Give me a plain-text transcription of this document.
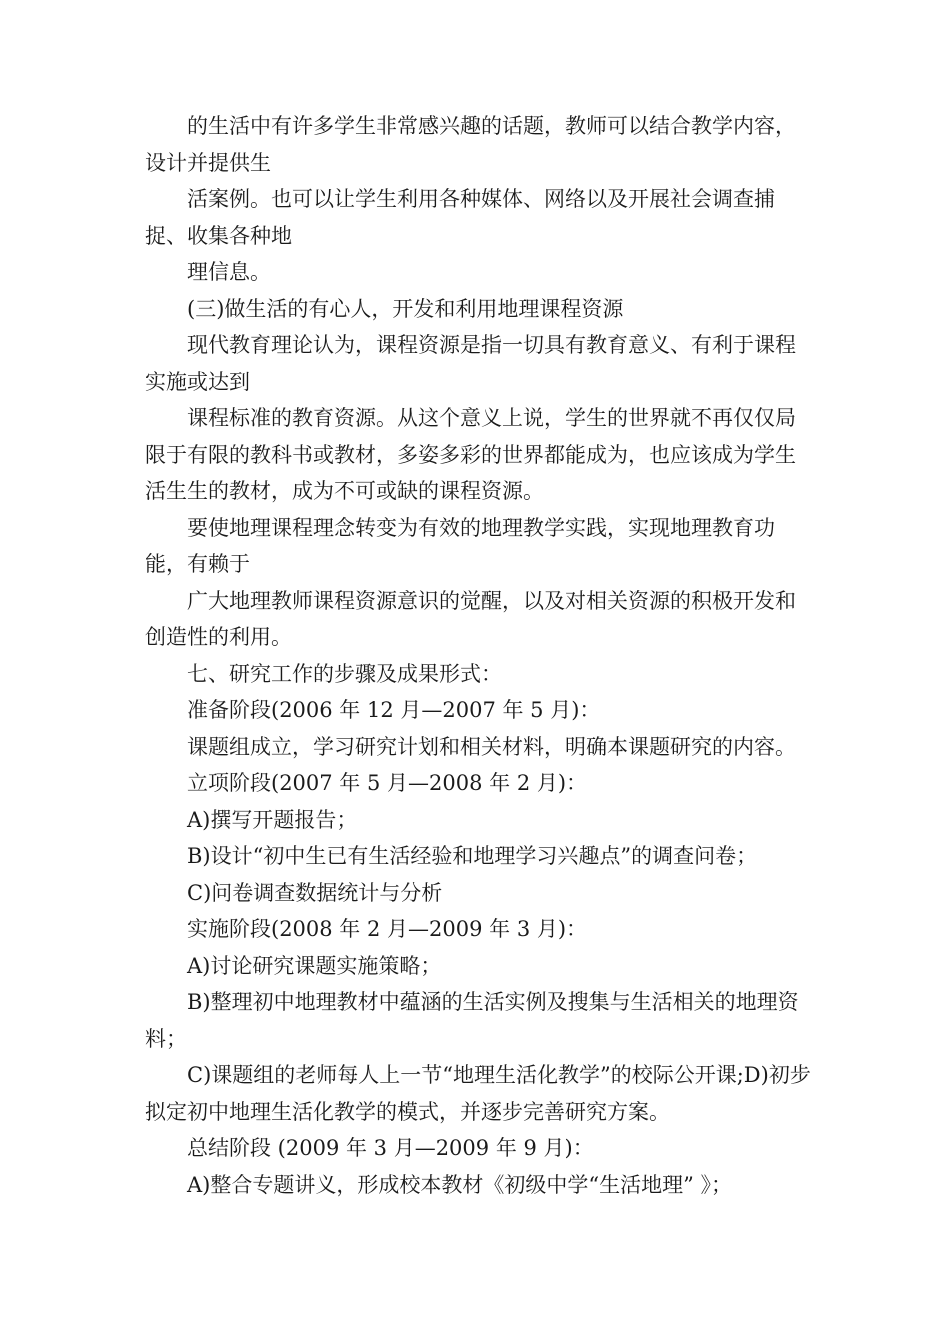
的生活中有许多学生非常感兴趣的话题，教师可以结合教学内容，设计并提供生

活案例。也可以让学生利用各种媒体、网络以及开展社会调查捕捉、收集各种地

理信息。

(三)做生活的有心人，开发和利用地理课程资源

现代教育理论认为，课程资源是指一切具有教育意义、有利于课程实施或达到

课程标准的教育资源。从这个意义上说，学生的世界就不再仅仅局限于有限的教科书或教材，多姿多彩的世界都能成为，也应该成为学生活生生的教材，成为不可或缺的课程资源。

要使地理课程理念转变为有效的地理教学实践，实现地理教育功能，有赖于

广大地理教师课程资源意识的觉醒，以及对相关资源的积极开发和创造性的利用。

七、研究工作的步骤及成果形式：

准备阶段(2006 年 12 月—2007 年 5 月)：

课题组成立，学习研究计划和相关材料，明确本课题研究的内容。

立项阶段(2007 年 5 月—2008 年 2 月)：

A)撰写开题报告；

B)设计“初中生已有生活经验和地理学习兴趣点”的调查问卷；

C)问卷调查数据统计与分析

实施阶段(2008 年 2 月—2009 年 3 月)：

A)讨论研究课题实施策略；

B)整理初中地理教材中蕴涵的生活实例及搜集与生活相关的地理资料；

C)课题组的老师每人上一节“地理生活化教学”的校际公开课;D)初步拟定初中地理生活化教学的模式，并逐步完善研究方案。

总结阶段 (2009 年 3 月—2009 年 9 月)：

A)整合专题讲义，形成校本教材《初级中学“生活地理” 》；
